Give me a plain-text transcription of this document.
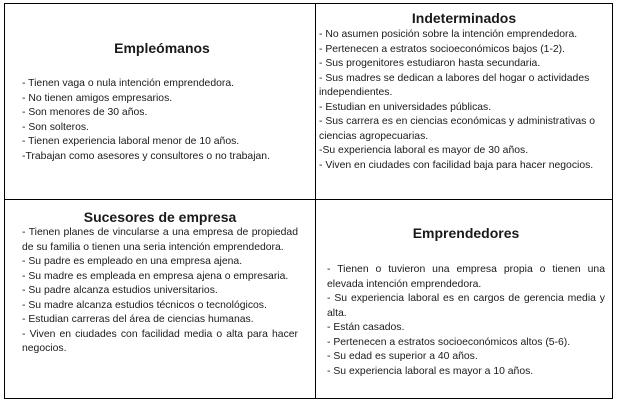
Empleómanos
- Tienen vaga o nula intención emprendedora.
- No tienen amigos empresarios.
- Son menores de 30 años.
- Son solteros.
- Tienen experiencia laboral menor de 10 años.
-Trabajan como asesores y consultores o no trabajan.
Indeterminados
- No asumen posición sobre la intención emprendedora.
- Pertenecen a estratos socioeconómicos bajos (1-2).
- Sus progenitores estudiaron hasta secundaria.
- Sus madres se dedican a labores del hogar o actividades independientes.
- Estudian en universidades públicas.
- Sus carrera es en ciencias económicas y administrativas o ciencias agropecuarias.
-Su experiencia laboral es mayor de 30 años.
- Viven en ciudades con facilidad baja para hacer negocios.
Sucesores de empresa
- Tienen planes de vincularse a una empresa de propiedad de su familia o tienen una seria intención emprendedora.
- Su padre es empleado en una empresa ajena.
- Su madre es empleada en empresa ajena o empresaria.
- Su padre alcanza estudios universitarios.
- Su madre alcanza estudios técnicos o tecnológicos.
- Estudian carreras del área de ciencias humanas.
- Viven en ciudades con facilidad media o alta para hacer negocios.
Emprendedores
- Tienen o tuvieron una empresa propia o tienen una elevada intención emprendedora.
- Su experiencia laboral es en cargos de gerencia media y alta.
- Están casados.
- Pertenecen a estratos socioeconómicos altos (5-6).
- Su edad es superior a 40 años.
- Su experiencia laboral es mayor a 10 años.
